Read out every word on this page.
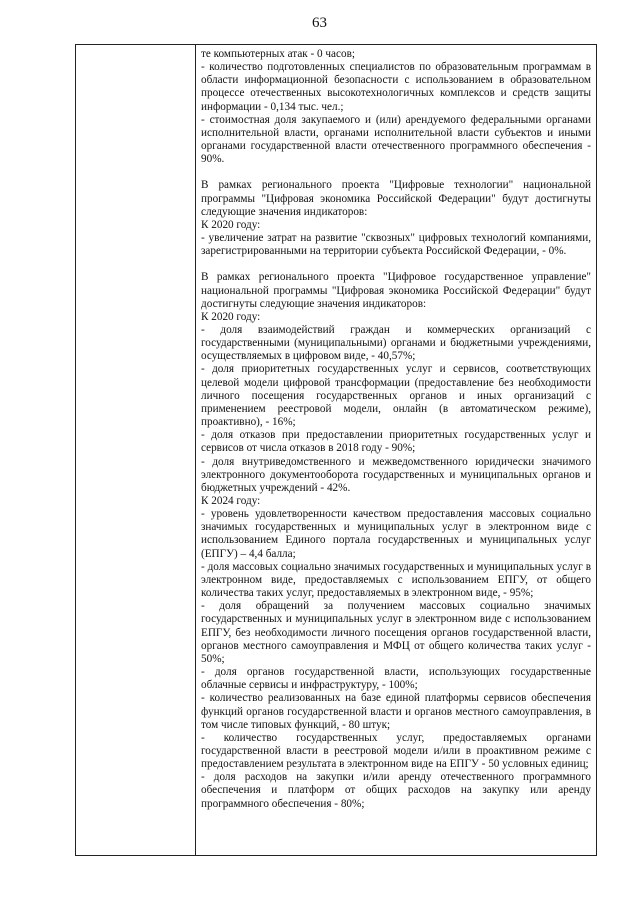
63
те компьютерных атак - 0 часов;
- количество подготовленных специалистов по образовательным программам в области информационной безопасности с использованием в образовательном процессе отечественных высокотехнологичных комплексов и средств защиты информации - 0,134 тыс. чел.;
- стоимостная доля закупаемого и (или) арендуемого федеральными органами исполнительной власти, органами исполнительной власти субъектов и иными органами государственной власти отечественного программного обеспечения - 90%.
В рамках регионального проекта "Цифровые технологии" национальной программы "Цифровая экономика Российской Федерации" будут достигнуты следующие значения индикаторов:
К 2020 году:
- увеличение затрат на развитие "сквозных" цифровых технологий компаниями, зарегистрированными на территории субъекта Российской Федерации, - 0%.
В рамках регионального проекта "Цифровое государственное управление" национальной программы "Цифровая экономика Российской Федерации" будут достигнуты следующие значения индикаторов:
К 2020 году:
- доля взаимодействий граждан и коммерческих организаций с государственными (муниципальными) органами и бюджетными учреждениями, осуществляемых в цифровом виде, - 40,57%;
- доля приоритетных государственных услуг и сервисов, соответствующих целевой модели цифровой трансформации (предоставление без необходимости личного посещения государственных органов и иных организаций с применением реестровой модели, онлайн (в автоматическом режиме), проактивно), - 16%;
- доля отказов при предоставлении приоритетных государственных услуг и сервисов от числа отказов в 2018 году - 90%;
- доля внутриведомственного и межведомственного юридически значимого электронного документооборота государственных и муниципальных органов и бюджетных учреждений - 42%.
К 2024 году:
- уровень удовлетворенности качеством предоставления массовых социально значимых государственных и муниципальных услуг в электронном виде с использованием Единого портала государственных и муниципальных услуг (ЕПГУ) – 4,4 балла;
- доля массовых социально значимых государственных и муниципальных услуг в электронном виде, предоставляемых с использованием ЕПГУ, от общего количества таких услуг, предоставляемых в электронном виде, - 95%;
- доля обращений за получением массовых социально значимых государственных и муниципальных услуг в электронном виде с использованием ЕПГУ, без необходимости личного посещения органов государственной власти, органов местного самоуправления и МФЦ от общего количества таких услуг - 50%;
- доля органов государственной власти, использующих государственные облачные сервисы и инфраструктуру, - 100%;
- количество реализованных на базе единой платформы сервисов обеспечения функций органов государственной власти и органов местного самоуправления, в том числе типовых функций, - 80 штук;
- количество государственных услуг, предоставляемых органами государственной власти в реестровой модели и/или в проактивном режиме с предоставлением результата в электронном виде на ЕПГУ - 50 условных единиц;
- доля расходов на закупки и/или аренду отечественного программного обеспечения и платформ от общих расходов на закупку или аренду программного обеспечения - 80%;
